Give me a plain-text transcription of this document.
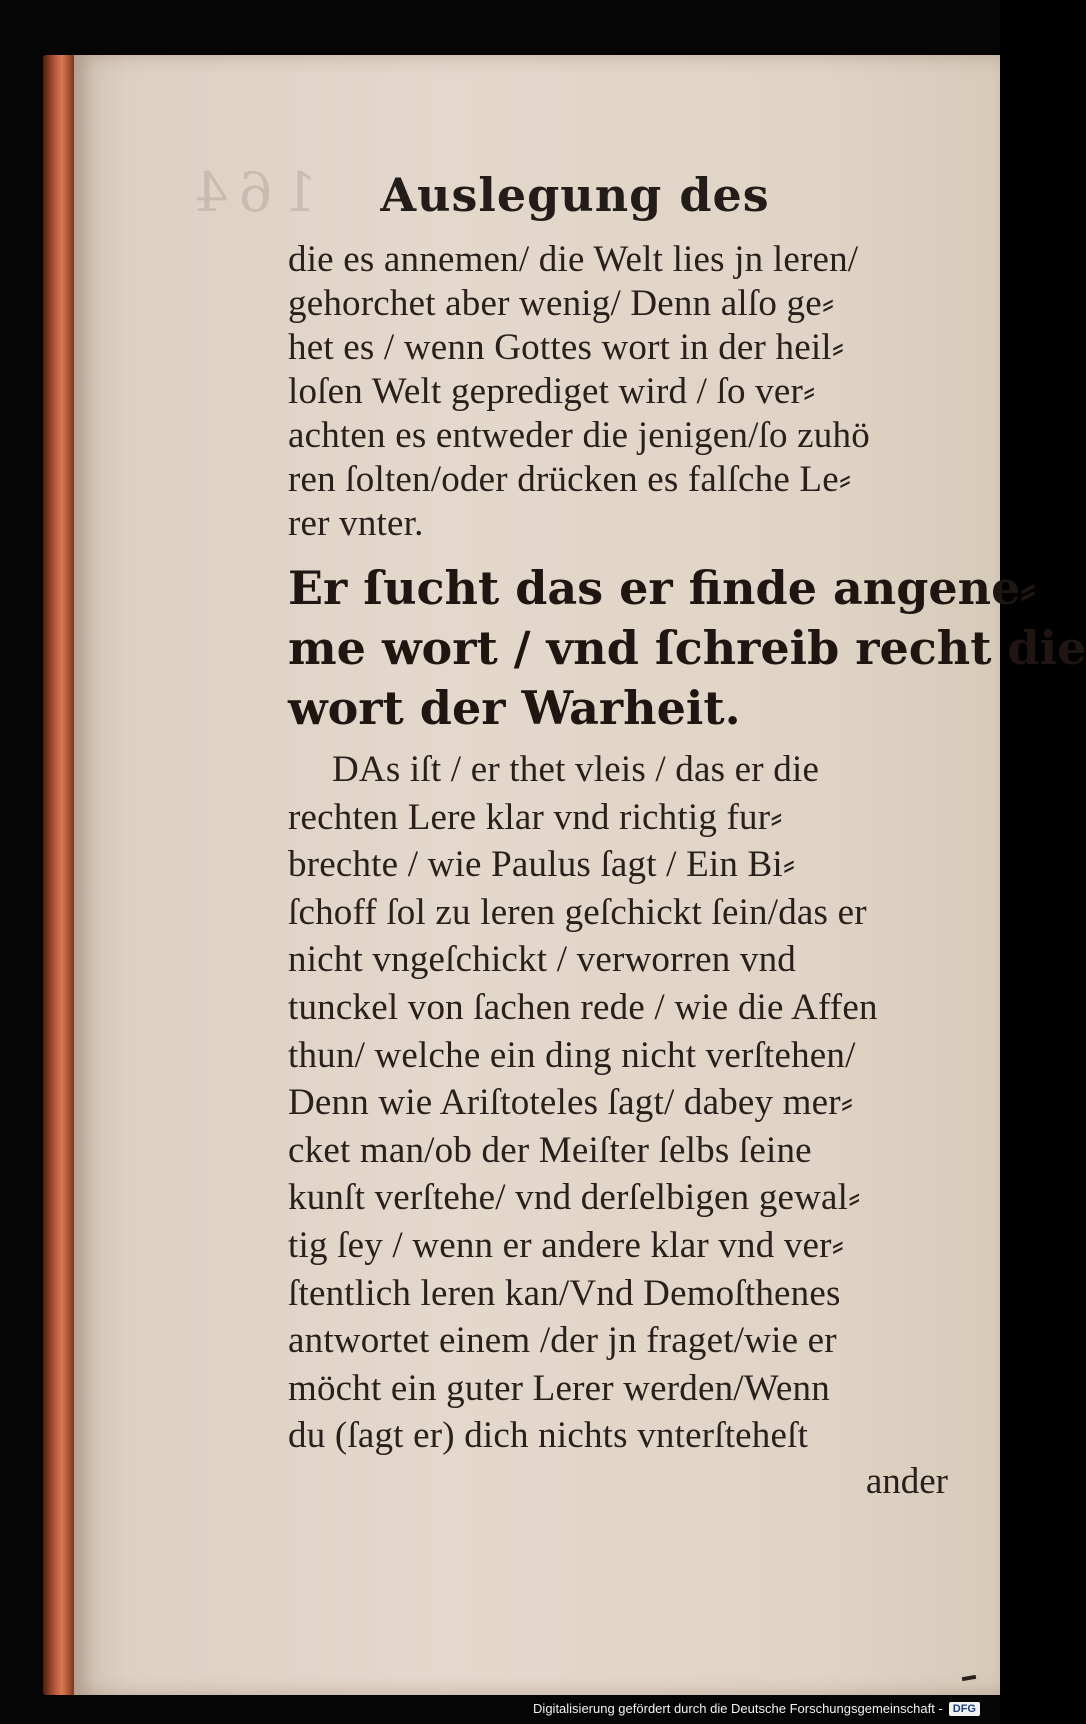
164	Auslegung des
die es annemen/ die Welt lies jn leren/
gehorchet aber wenig/ Denn alſo ge⸗
het es / wenn Gottes wort in der heil⸗
loſen Welt geprediget wird / ſo ver⸗
achten es entweder die jenigen/ſo zuhö
ren ſolten/oder drücken es falſche Le⸗
rer vnter.
Er ſucht das er finde angene⸗
me wort / vnd ſchreib recht die
wort der Warheit.
DAs iſt / er thet vleis / das er die
rechten Lere klar vnd richtig fur⸗
brechte / wie Paulus ſagt / Ein Bi⸗
ſchoff ſol zu leren geſchickt ſein/das er
nicht vngeſchickt / verworren vnd
tunckel von ſachen rede / wie die Affen
thun/ welche ein ding nicht verſtehen/
Denn wie Ariſtoteles ſagt/ dabey mer⸗
cket man/ob der Meiſter ſelbs ſeine
kunſt verſtehe/ vnd derſelbigen gewal⸗
tig ſey / wenn er andere klar vnd ver⸗
ſtentlich leren kan/Vnd Demoſthenes
antwortet einem /der jn fraget/wie er
möcht ein guter Lerer werden/Wenn
du (ſagt er) dich nichts vnterſteheſt
ander
Digitalisierung gefördert durch die Deutsche Forschungsgemeinschaft - DFG
